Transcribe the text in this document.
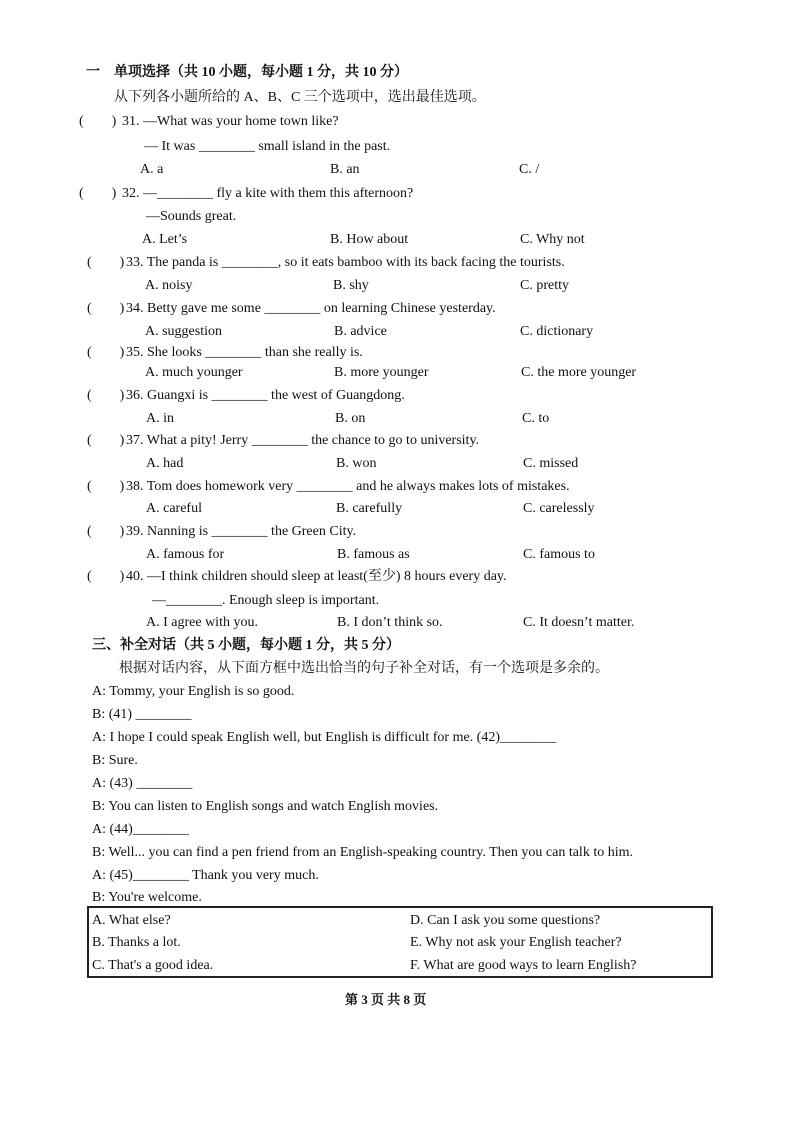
一　单项选择（共 10 小题，每小题 1 分，共 10 分）
从下列各小题所给的 A、B、C 三个选项中，选出最佳选项。
(　　) 31. —What was your home town like?
— It was ________ small island in the past.
A. a	B. an	C. /
(　　) 32. —________ fly a kite with them this afternoon?
—Sounds great.
A. Let’s	B. How about	C. Why not
(　　) 33. The panda is ________, so it eats bamboo with its back facing the tourists.
A. noisy	B. shy	C. pretty
(　　) 34. Betty gave me some ________ on learning Chinese yesterday.
A. suggestion	B. advice	C. dictionary
(　　) 35. She looks ________ than she really is.
A. much younger	B. more younger	C. the more younger
(　　) 36. Guangxi is ________ the west of Guangdong.
A. in	B. on	C. to
(　　) 37. What a pity! Jerry ________ the chance to go to university.
A. had	B. won	C. missed
(　　) 38. Tom does homework very ________ and he always makes lots of mistakes.
A. careful	B. carefully	C. carelessly
(　　) 39. Nanning is ________ the Green City.
A. famous for	B. famous as	C. famous to
(　　) 40. —I think children should sleep at least(至少) 8 hours every day.
—________. Enough sleep is important.
A. I agree with you.	B. I don’t think so.	C. It doesn’t matter.
三、补全对话（共 5 小题，每小题 1 分，共 5 分）
根据对话内容，从下面方框中选出恰当的句子补全对话，有一个选项是多余的。
A: Tommy, your English is so good.
B: (41) ________
A: I hope I could speak English well, but English is difficult for me. (42)________
B: Sure.
A: (43) ________
B: You can listen to English songs and watch English movies.
A: (44)________
B: Well... you can find a pen friend from an English-speaking country. Then you can talk to him.
A: (45)________ Thank you very much.
B: You're welcome.
A. What else?
B. Thanks a lot.
C. That's a good idea.
D. Can I ask you some questions?
E. Why not ask your English teacher?
F. What are good ways to learn English?
第 3 页 共 8 页
